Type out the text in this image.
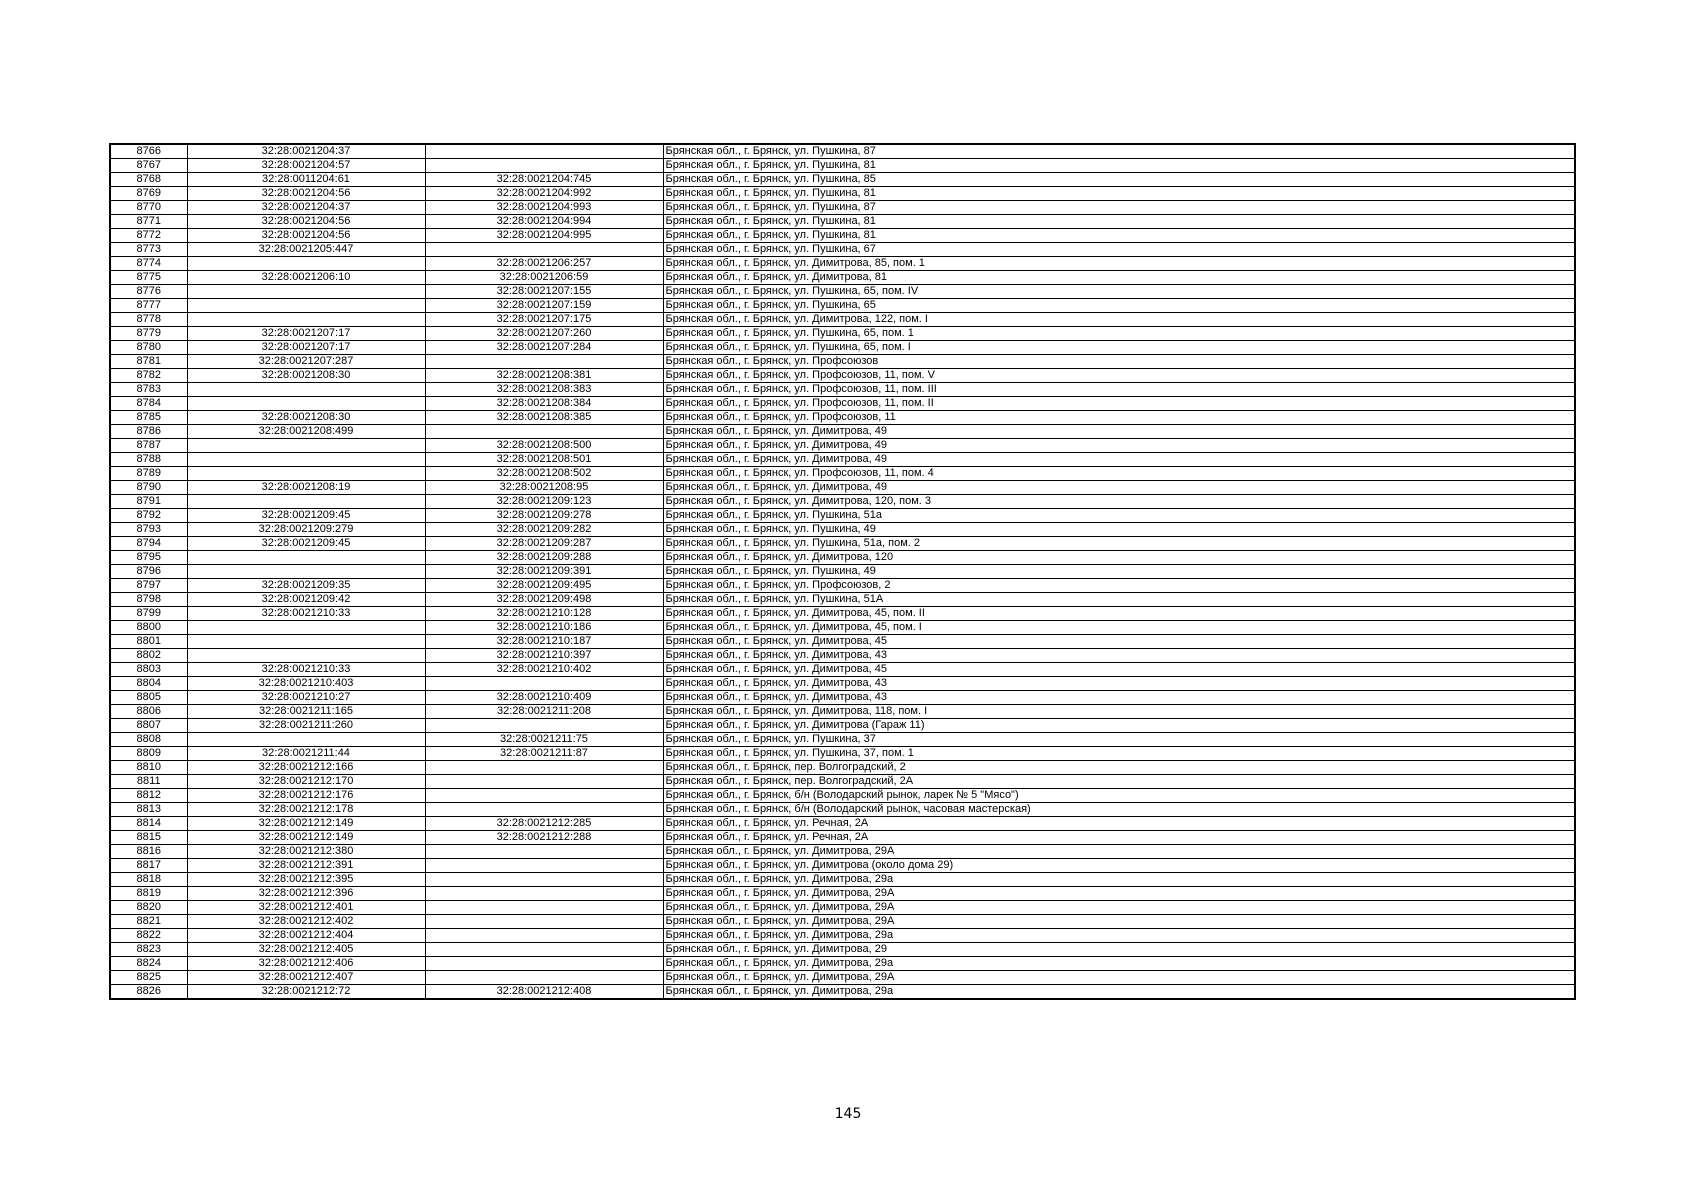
8766	32:28:0021204:37		Брянская обл., г. Брянск, ул. Пушкина, 87
8767	32:28:0021204:57		Брянская обл., г. Брянск, ул. Пушкина, 81
8768	32:28:0011204:61	32:28:0021204:745	Брянская обл., г. Брянск, ул. Пушкина, 85
8769	32:28:0021204:56	32:28:0021204:992	Брянская обл., г. Брянск, ул. Пушкина, 81
8770	32:28:0021204:37	32:28:0021204:993	Брянская обл., г. Брянск, ул. Пушкина, 87
8771	32:28:0021204:56	32:28:0021204:994	Брянская обл., г. Брянск, ул. Пушкина, 81
8772	32:28:0021204:56	32:28:0021204:995	Брянская обл., г. Брянск, ул. Пушкина, 81
8773	32:28:0021205:447		Брянская обл., г. Брянск, ул. Пушкина, 67
8774		32:28:0021206:257	Брянская обл., г. Брянск, ул. Димитрова, 85, пом. 1
8775	32:28:0021206:10	32:28:0021206:59	Брянская обл., г. Брянск, ул. Димитрова, 81
8776		32:28:0021207:155	Брянская обл., г. Брянск, ул. Пушкина, 65, пом. IV
8777		32:28:0021207:159	Брянская обл., г. Брянск, ул. Пушкина, 65
8778		32:28:0021207:175	Брянская обл., г. Брянск, ул. Димитрова, 122, пом. I
8779	32:28:0021207:17	32:28:0021207:260	Брянская обл., г. Брянск, ул. Пушкина, 65, пом. 1
8780	32:28:0021207:17	32:28:0021207:284	Брянская обл., г. Брянск, ул. Пушкина, 65, пом. I
8781	32:28:0021207:287		Брянская обл., г. Брянск, ул. Профсоюзов
8782	32:28:0021208:30	32:28:0021208:381	Брянская обл., г. Брянск, ул. Профсоюзов, 11, пом. V
8783		32:28:0021208:383	Брянская обл., г. Брянск, ул. Профсоюзов, 11, пом. III
8784		32:28:0021208:384	Брянская обл., г. Брянск, ул. Профсоюзов, 11, пом. II
8785	32:28:0021208:30	32:28:0021208:385	Брянская обл., г. Брянск, ул. Профсоюзов, 11
8786	32:28:0021208:499		Брянская обл., г. Брянск, ул. Димитрова, 49
8787		32:28:0021208:500	Брянская обл., г. Брянск, ул. Димитрова, 49
8788		32:28:0021208:501	Брянская обл., г. Брянск, ул. Димитрова, 49
8789		32:28:0021208:502	Брянская обл., г. Брянск, ул. Профсоюзов, 11, пом. 4
8790	32:28:0021208:19	32:28:0021208:95	Брянская обл., г. Брянск, ул. Димитрова, 49
8791		32:28:0021209:123	Брянская обл., г. Брянск, ул. Димитрова, 120, пом. 3
8792	32:28:0021209:45	32:28:0021209:278	Брянская обл., г. Брянск, ул. Пушкина, 51а
8793	32:28:0021209:279	32:28:0021209:282	Брянская обл., г. Брянск, ул. Пушкина, 49
8794	32:28:0021209:45	32:28:0021209:287	Брянская обл., г. Брянск, ул. Пушкина, 51а, пом. 2
8795		32:28:0021209:288	Брянская обл., г. Брянск, ул. Димитрова, 120
8796		32:28:0021209:391	Брянская обл., г. Брянск, ул. Пушкина, 49
8797	32:28:0021209:35	32:28:0021209:495	Брянская обл., г. Брянск, ул. Профсоюзов, 2
8798	32:28:0021209:42	32:28:0021209:498	Брянская обл., г. Брянск, ул. Пушкина, 51А
8799	32:28:0021210:33	32:28:0021210:128	Брянская обл., г. Брянск, ул. Димитрова, 45, пом. II
8800		32:28:0021210:186	Брянская обл., г. Брянск, ул. Димитрова, 45, пом. I
8801		32:28:0021210:187	Брянская обл., г. Брянск, ул. Димитрова, 45
8802		32:28:0021210:397	Брянская обл., г. Брянск, ул. Димитрова, 43
8803	32:28:0021210:33	32:28:0021210:402	Брянская обл., г. Брянск, ул. Димитрова, 45
8804	32:28:0021210:403		Брянская обл., г. Брянск, ул. Димитрова, 43
8805	32:28:0021210:27	32:28:0021210:409	Брянская обл., г. Брянск, ул. Димитрова, 43
8806	32:28:0021211:165	32:28:0021211:208	Брянская обл., г. Брянск, ул. Димитрова, 118, пом. I
8807	32:28:0021211:260		Брянская обл., г. Брянск, ул. Димитрова (Гараж 11)
8808		32:28:0021211:75	Брянская обл., г. Брянск, ул. Пушкина, 37
8809	32:28:0021211:44	32:28:0021211:87	Брянская обл., г. Брянск, ул. Пушкина, 37, пом. 1
8810	32:28:0021212:166		Брянская обл., г. Брянск, пер. Волгоградский, 2
8811	32:28:0021212:170		Брянская обл., г. Брянск, пер. Волгоградский, 2А
8812	32:28:0021212:176		Брянская обл., г. Брянск, б/н (Володарский рынок, ларек № 5 "Мясо")
8813	32:28:0021212:178		Брянская обл., г. Брянск, б/н (Володарский рынок, часовая мастерская)
8814	32:28:0021212:149	32:28:0021212:285	Брянская обл., г. Брянск, ул. Речная, 2А
8815	32:28:0021212:149	32:28:0021212:288	Брянская обл., г. Брянск, ул. Речная, 2А
8816	32:28:0021212:380		Брянская обл., г. Брянск, ул. Димитрова, 29А
8817	32:28:0021212:391		Брянская обл., г. Брянск, ул. Димитрова (около дома 29)
8818	32:28:0021212:395		Брянская обл., г. Брянск, ул. Димитрова, 29а
8819	32:28:0021212:396		Брянская обл., г. Брянск, ул. Димитрова, 29А
8820	32:28:0021212:401		Брянская обл., г. Брянск, ул. Димитрова, 29А
8821	32:28:0021212:402		Брянская обл., г. Брянск, ул. Димитрова, 29А
8822	32:28:0021212:404		Брянская обл., г. Брянск, ул. Димитрова, 29а
8823	32:28:0021212:405		Брянская обл., г. Брянск, ул. Димитрова, 29
8824	32:28:0021212:406		Брянская обл., г. Брянск, ул. Димитрова, 29а
8825	32:28:0021212:407		Брянская обл., г. Брянск, ул. Димитрова, 29А
8826	32:28:0021212:72	32:28:0021212:408	Брянская обл., г. Брянск, ул. Димитрова, 29а
145
